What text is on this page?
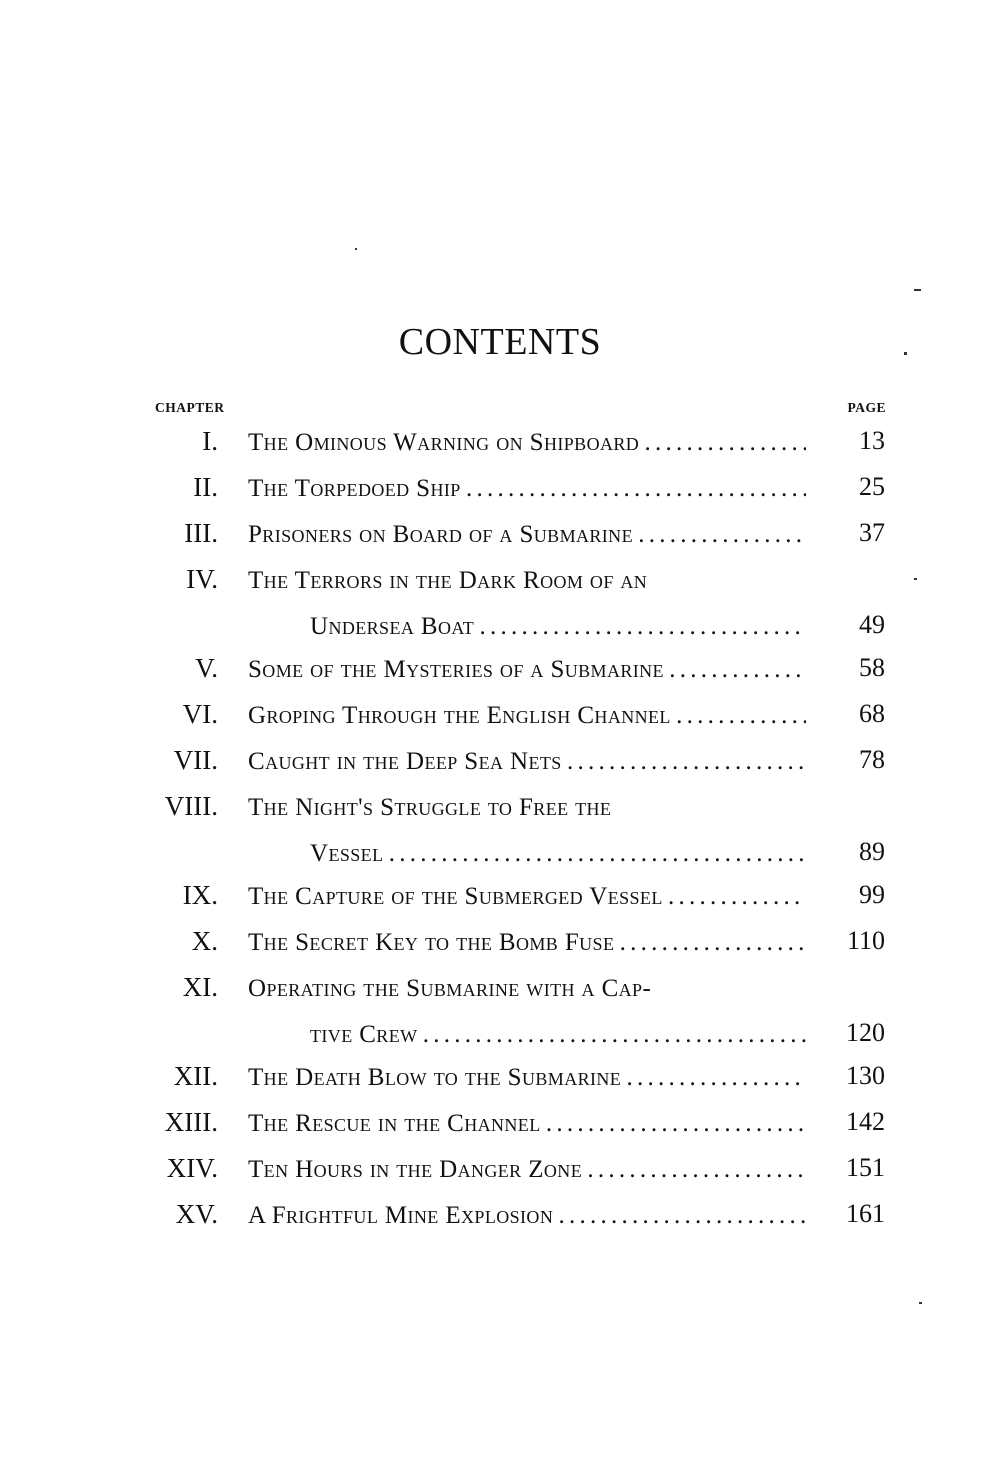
CONTENTS
CHAPTER	PAGE
I. The Ominous Warning on Shipboard . . .	13
II. The Torpedoed Ship . . .	25
III. Prisoners on Board of a Submarine . . .	37
IV. The Terrors in the Dark Room of an
Undersea Boat . . .	49
V. Some of the Mysteries of a Submarine . . .	58
VI. Groping Through the English Channel . . .	68
VII. Caught in the Deep Sea Nets . . .	78
VIII. The Night's Struggle to Free the
Vessel . . .	89
IX. The Capture of the Submerged Vessel . . .	99
X. The Secret Key to the Bomb Fuse . . .	110
XI. Operating the Submarine with a Cap-
tive Crew . . .	120
XII. The Death Blow to the Submarine . . .	130
XIII. The Rescue in the Channel . . .	142
XIV. Ten Hours in the Danger Zone . . .	151
XV. A Frightful Mine Explosion . . .	161
